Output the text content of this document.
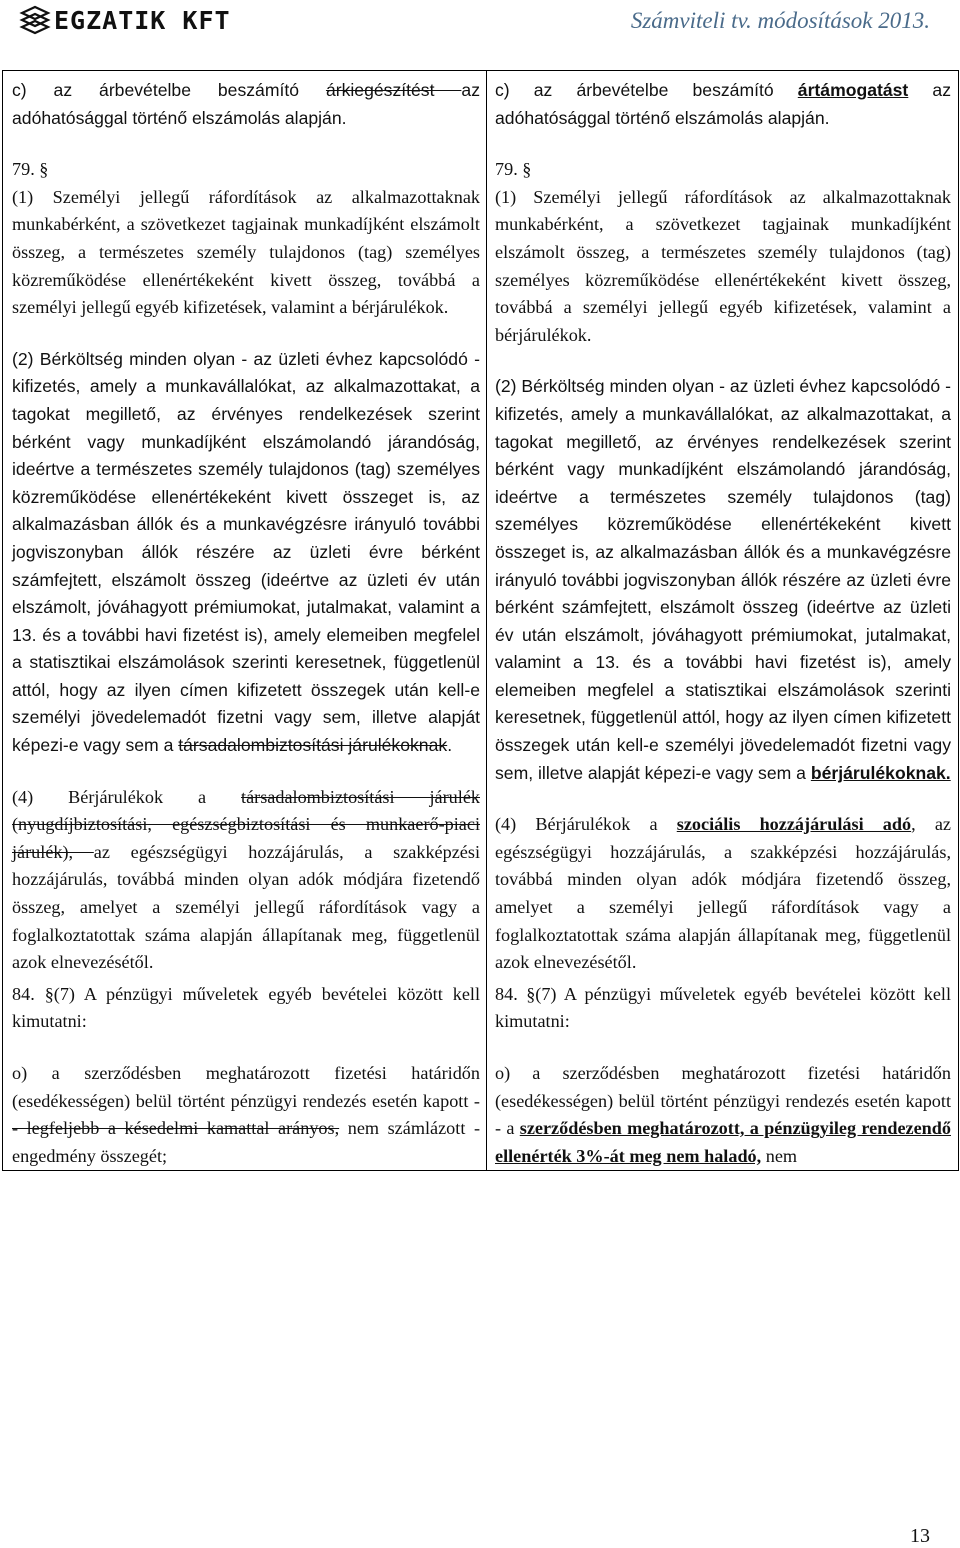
EGZATIK KFT	Számviteli tv. módosítások 2013.
c) az árbevételbe beszámító árkiegészítést az adóhatósággal történő elszámolás alapján.
79. §
(1) Személyi jellegű ráfordítások az alkalmazottaknak munkabérként, a szövetkezet tagjainak munkadíjként elszámolt összeg, a természetes személy tulajdonos (tag) személyes közreműködése ellenértékeként kivett összeg, továbbá a személyi jellegű egyéb kifizetések, valamint a bérjárulékok.
(2) Bérköltség minden olyan - az üzleti évhez kapcsolódó - kifizetés, amely a munkavállalókat, az alkalmazottakat, a tagokat megillető, az érvényes rendelkezések szerint bérként vagy munkadíjként elszámolandó járandóság, ideértve a természetes személy tulajdonos (tag) személyes közreműködése ellenértékeként kivett összeget is, az alkalmazásban állók és a munkavégzésre irányuló további jogviszonyban állók részére az üzleti évre bérként számfejtett, elszámolt összeg (ideértve az üzleti év után elszámolt, jóváhagyott prémiumokat, jutalmakat, valamint a 13. és a további havi fizetést is), amely elemeiben megfelel a statisztikai elszámolások szerinti keresetnek, függetlenül attól, hogy az ilyen címen kifizetett összegek után kell-e személyi jövedelemadót fizetni vagy sem, illetve alapját képezi-e vagy sem a társadalombiztosítási járulékoknak.
(4) Bérjárulékok a társadalombiztosítási járulék (nyugdíjbiztosítási, egészségbiztosítási és munkaerő-piaci járulék), az egészségügyi hozzájárulás, a szakképzési hozzájárulás, továbbá minden olyan adók módjára fizetendő összeg, amelyet a személyi jellegű ráfordítások vagy a foglalkoztatottak száma alapján állapítanak meg, függetlenül azok elnevezésétől.
84. §(7) A pénzügyi műveletek egyéb bevételei között kell kimutatni:
o) a szerződésben meghatározott fizetési határidőn (esedékességen) belül történt pénzügyi rendezés esetén kapott - - legfeljebb a késedelmi kamattal arányos, nem számlázott - engedmény összegét;

c) az árbevételbe beszámító ártámogatást az adóhatósággal történő elszámolás alapján.
79. §
(1) Személyi jellegű ráfordítások az alkalmazottaknak munkabérként, a szövetkezet tagjainak munkadíjként elszámolt összeg, a természetes személy tulajdonos (tag) személyes közreműködése ellenértékeként kivett összeg, továbbá a személyi jellegű egyéb kifizetések, valamint a bérjárulékok.
(2) Bérköltség minden olyan - az üzleti évhez kapcsolódó - kifizetés, amely a munkavállalókat, az alkalmazottakat, a tagokat megillető, az érvényes rendelkezések szerint bérként vagy munkadíjként elszámolandó járandóság, ideértve a természetes személy tulajdonos (tag) személyes közreműködése ellenértékeként kivett összeget is, az alkalmazásban állók és a munkavégzésre irányuló további jogviszonyban állók részére az üzleti évre bérként számfejtett, elszámolt összeg (ideértve az üzleti év után elszámolt, jóváhagyott prémiumokat, jutalmakat, valamint a 13. és a további havi fizetést is), amely elemeiben megfelel a statisztikai elszámolások szerinti keresetnek, függetlenül attól, hogy az ilyen címen kifizetett összegek után kell-e személyi jövedelemadót fizetni vagy sem, illetve alapját képezi-e vagy sem a bérjárulékoknak.
(4) Bérjárulékok a szociális hozzájárulási adó, az egészségügyi hozzájárulás, a szakképzési hozzájárulás, továbbá minden olyan adók módjára fizetendő összeg, amelyet a személyi jellegű ráfordítások vagy a foglalkoztatottak száma alapján állapítanak meg, függetlenül azok elnevezésétől.
84. §(7) A pénzügyi műveletek egyéb bevételei között kell kimutatni:
o) a szerződésben meghatározott fizetési határidőn (esedékességen) belül történt pénzügyi rendezés esetén kapott - a szerződésben meghatározott, a pénzügyileg rendezendő ellenérték 3%-át meg nem haladó, nem
13
